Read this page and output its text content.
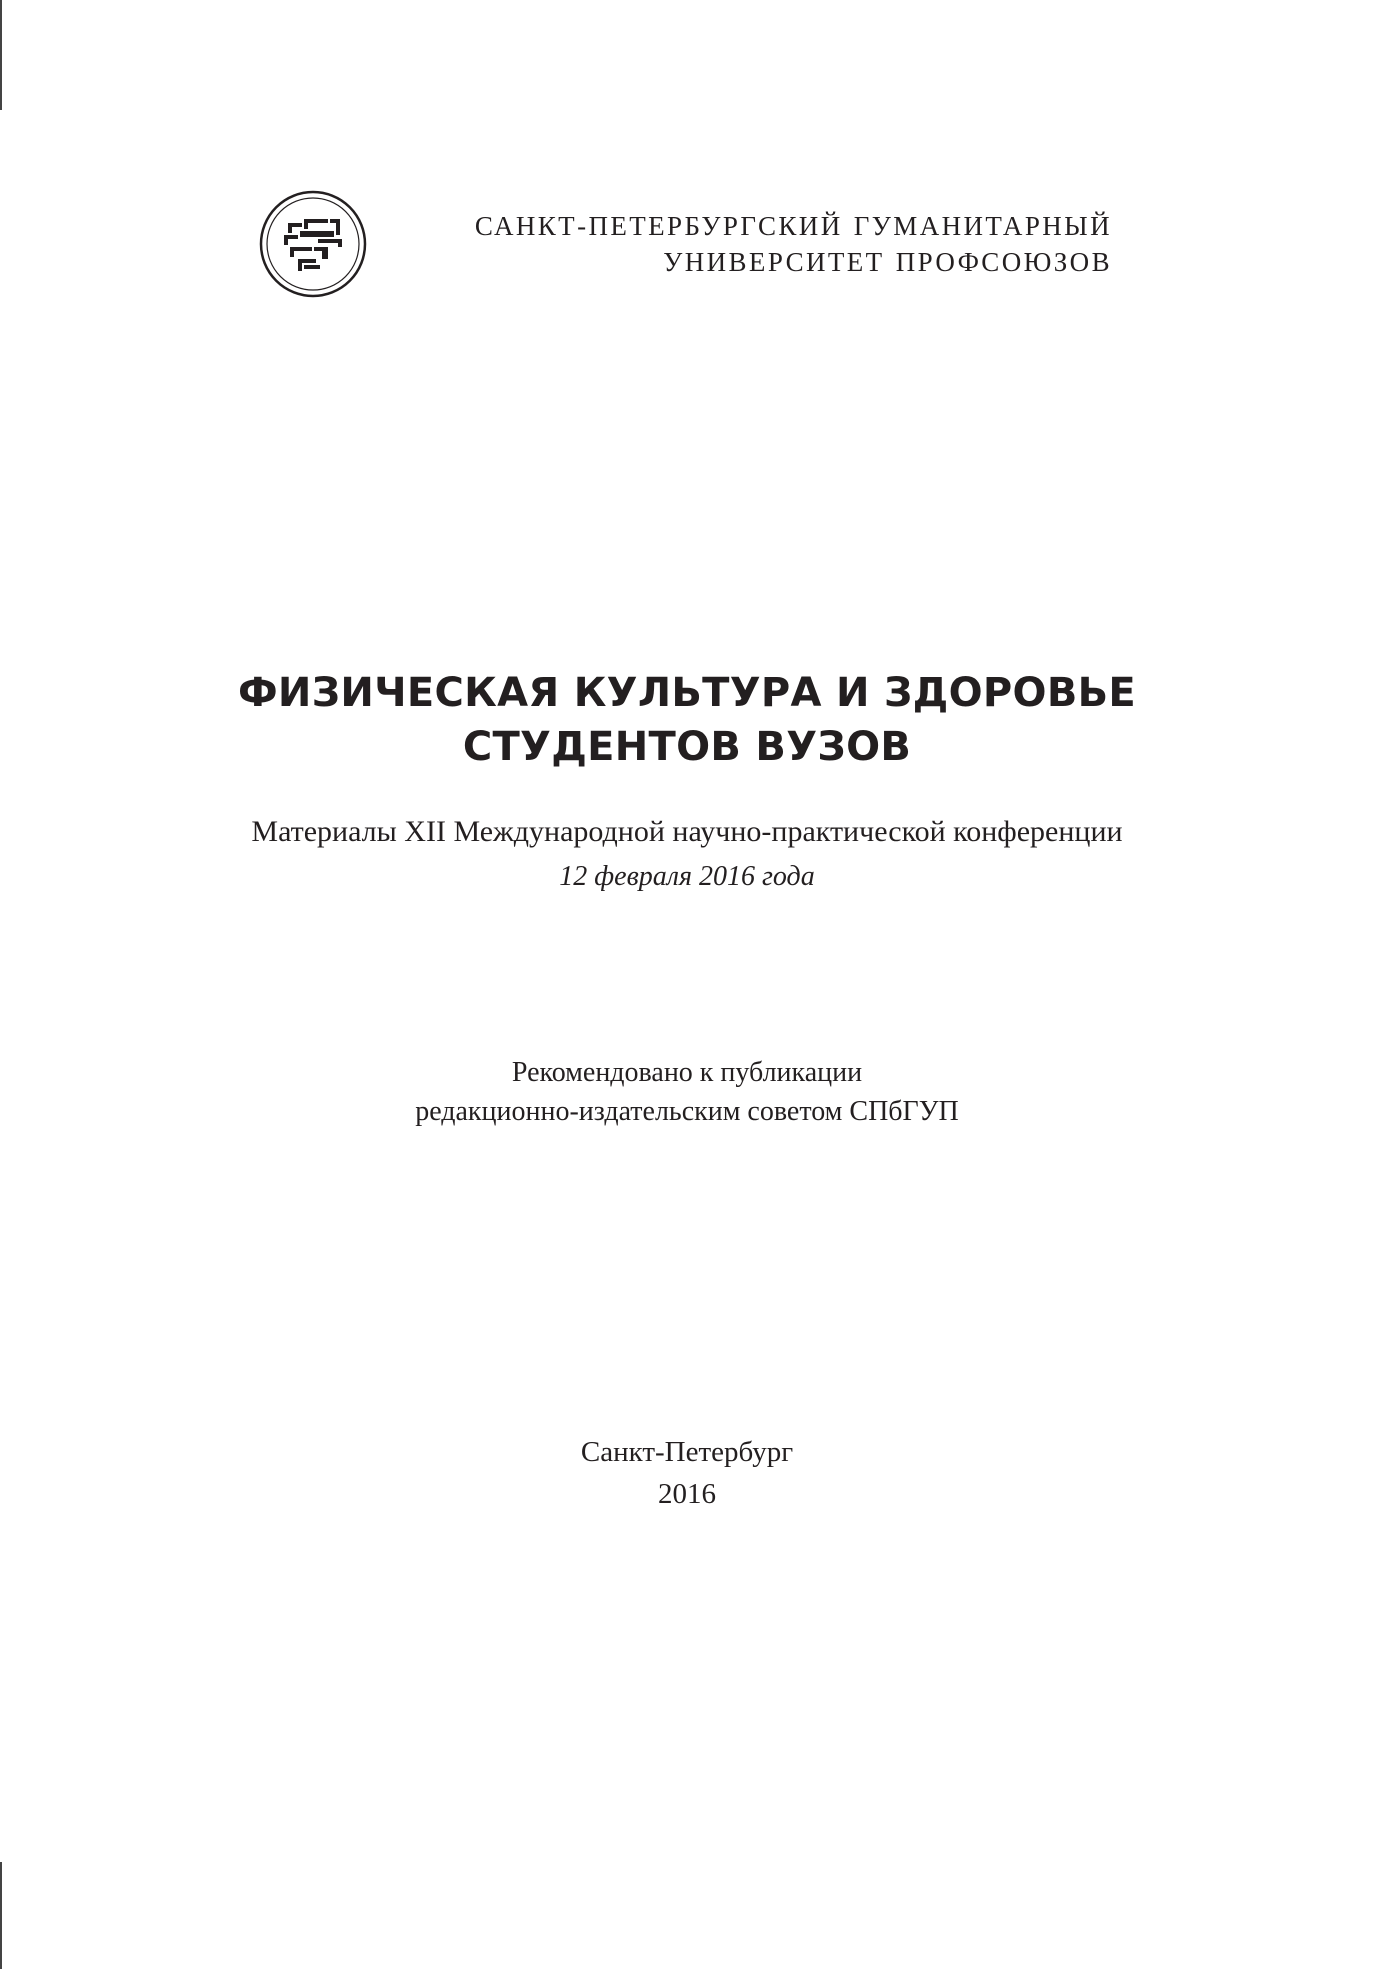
САНКТ-ПЕТЕРБУРГСКИЙ ГУМАНИТАРНЫЙ
УНИВЕРСИТЕТ ПРОФСОЮЗОВ
ФИЗИЧЕСКАЯ КУЛЬТУРА И ЗДОРОВЬЕ
СТУДЕНТОВ ВУЗОВ
Материалы XII Международной научно-практической конференции
12 февраля 2016 года
Рекомендовано к публикации
редакционно-издательским советом СПбГУП
Санкт-Петербург
2016
